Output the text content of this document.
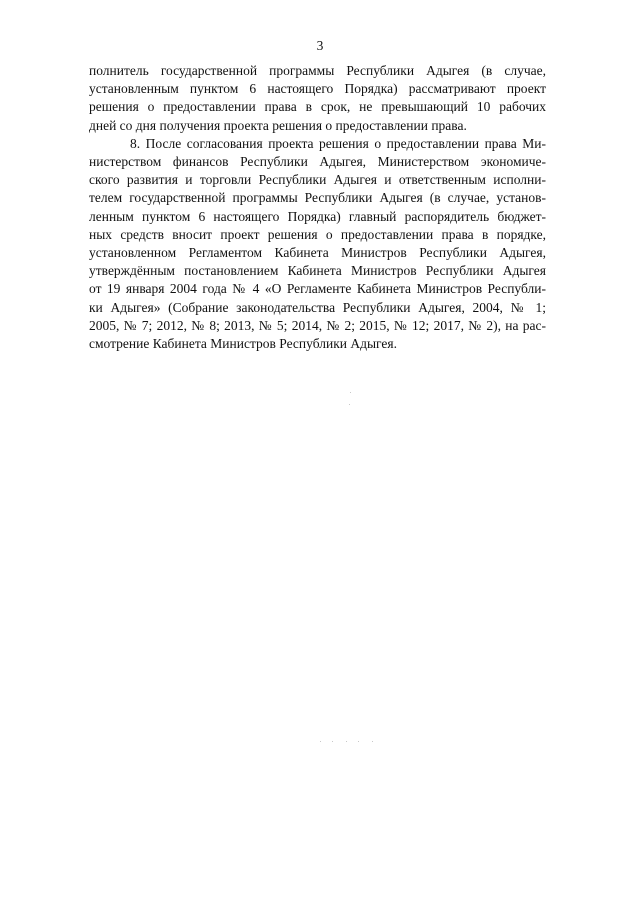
3
полнитель государственной программы Республики Адыгея (в случае,
установленным пунктом 6 настоящего Порядка) рассматривают проект
решения о предоставлении права в срок, не превышающий 10 рабочих
дней со дня получения проекта решения о предоставлении права.
8. После согласования проекта решения о предоставлении права Ми-
нистерством финансов Республики Адыгея, Министерством экономиче-
ского развития и торговли Республики Адыгея и ответственным исполни-
телем государственной программы Республики Адыгея (в случае, установ-
ленным пунктом 6 настоящего Порядка) главный распорядитель бюджет-
ных средств вносит проект решения о предоставлении права в порядке,
установленном Регламентом Кабинета Министров Республики Адыгея,
утверждённым постановлением Кабинета Министров Республики Адыгея
от 19 января 2004 года № 4 «О Регламенте Кабинета Министров Республи-
ки Адыгея» (Собрание законодательства Республики Адыгея, 2004, № 1;
2005, № 7; 2012, № 8; 2013, № 5; 2014, № 2; 2015, № 12; 2017, № 2), на рас-
смотрение Кабинета Министров Республики Адыгея.
